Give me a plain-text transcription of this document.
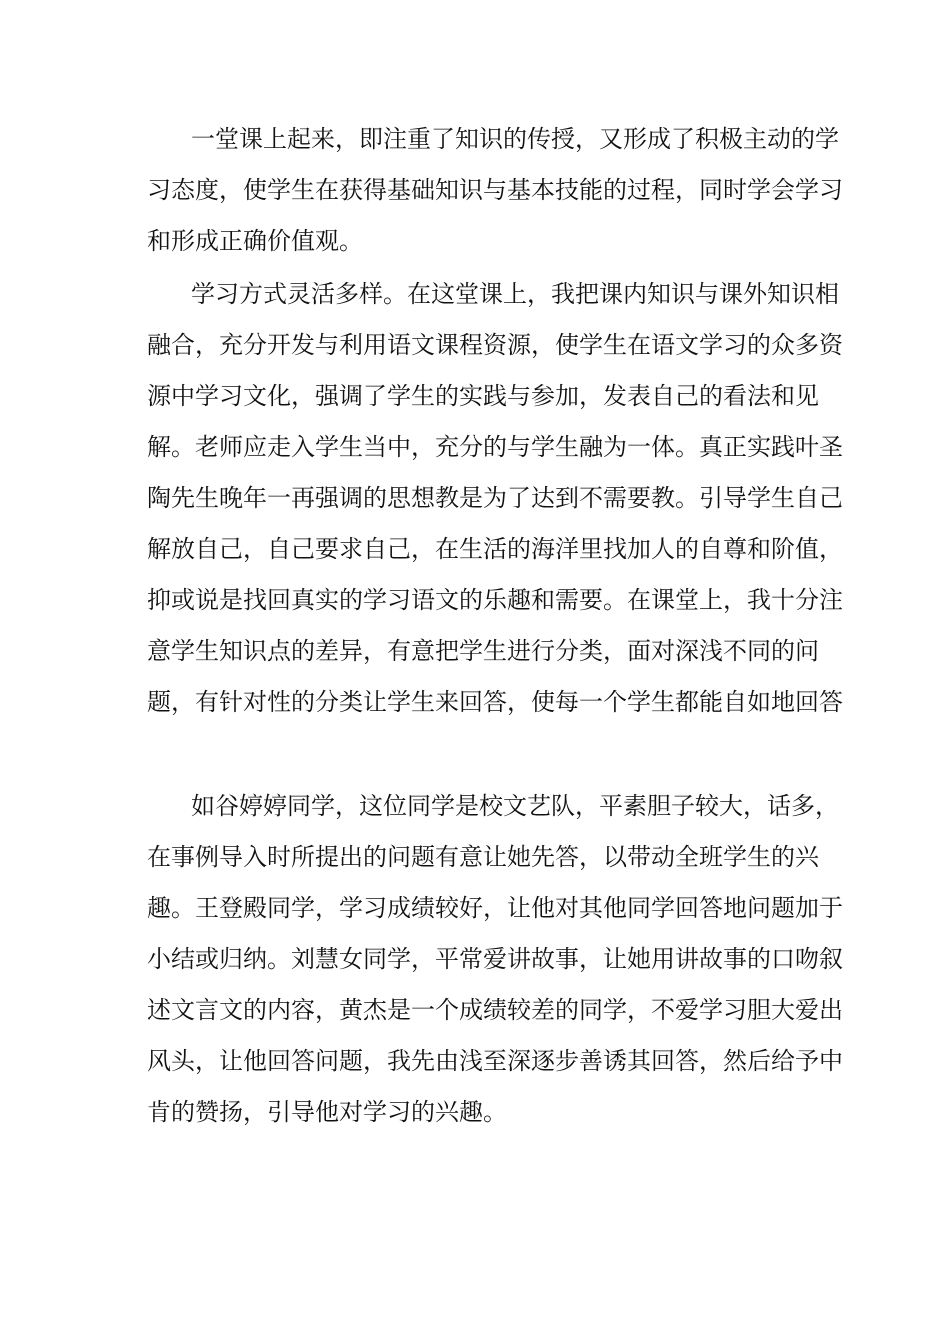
一堂课上起来，即注重了知识的传授，又形成了积极主动的学

习态度，使学生在获得基础知识与基本技能的过程，同时学会学习

和形成正确价值观。

学习方式灵活多样。在这堂课上，我把课内知识与课外知识相

融合，充分开发与利用语文课程资源，使学生在语文学习的众多资

源中学习文化，强调了学生的实践与参加，发表自己的看法和见

解。老师应走入学生当中，充分的与学生融为一体。真正实践叶圣

陶先生晚年一再强调的思想教是为了达到不需要教。引导学生自己

解放自己，自己要求自己，在生活的海洋里找加人的自尊和阶值，

抑或说是找回真实的学习语文的乐趣和需要。在课堂上，我十分注

意学生知识点的差异，有意把学生进行分类，面对深浅不同的问

题，有针对性的分类让学生来回答，使每一个学生都能自如地回答

如谷婷婷同学，这位同学是校文艺队，平素胆子较大，话多，

在事例导入时所提出的问题有意让她先答，以带动全班学生的兴

趣。王登殿同学，学习成绩较好，让他对其他同学回答地问题加于

小结或归纳。刘慧女同学，平常爱讲故事，让她用讲故事的口吻叙

述文言文的内容，黄杰是一个成绩较差的同学，不爱学习胆大爱出

风头，让他回答问题，我先由浅至深逐步善诱其回答，然后给予中

肯的赞扬，引导他对学习的兴趣。
